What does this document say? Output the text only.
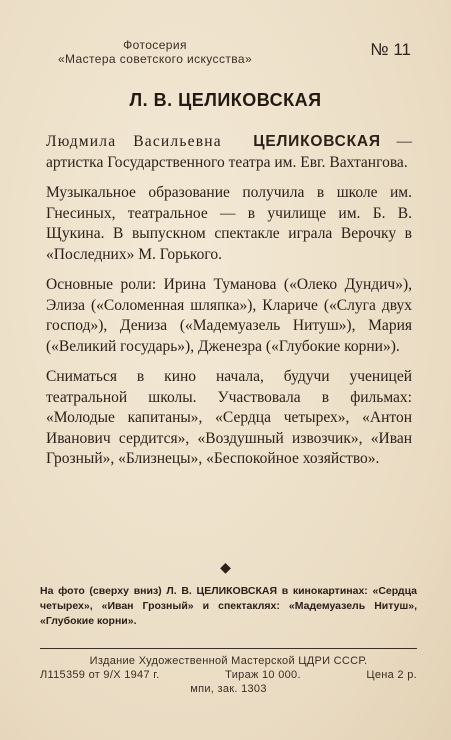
Фотосерия
«Мастера советского искусства»	№ 11
Л. В. ЦЕЛИКОВСКАЯ

Людмила Васильевна ЦЕЛИКОВСКАЯ — артистка Государственного театра им. Евг. Вахтангова.

Музыкальное образование получила в школе им. Гнесиных, театральное — в училище им. Б. В. Щукина. В выпускном спектакле играла Верочку в «Последних» М. Горького.

Основные роли: Ирина Туманова («Олеко Дундич»), Элиза («Соломенная шляпка»), Клариче («Слуга двух господ»), Дениза («Мадемуазель Нитуш»), Мария («Великий государь»), Дженезра («Глубокие корни»).

Сниматься в кино начала, будучи ученицей театральной школы. Участвовала в фильмах: «Молодые капитаны», «Сердца четырех», «Антон Иванович сердится», «Воздушный извозчик», «Иван Грозный», «Близнецы», «Беспокойное хозяйство».

◆
На фото (сверху вниз) Л. В. ЦЕЛИКОВСКАЯ в кинокартинах: «Сердца четырех», «Иван Грозный» и спектаклях: «Мадемуазель Нитуш», «Глубокие корни».
Издание Художественной Мастерской ЦДРИ СССР.
Л115359 от 9/Х 1947 г.	Тираж 10 000.	Цена 2 р.
мпи, зак. 1303
